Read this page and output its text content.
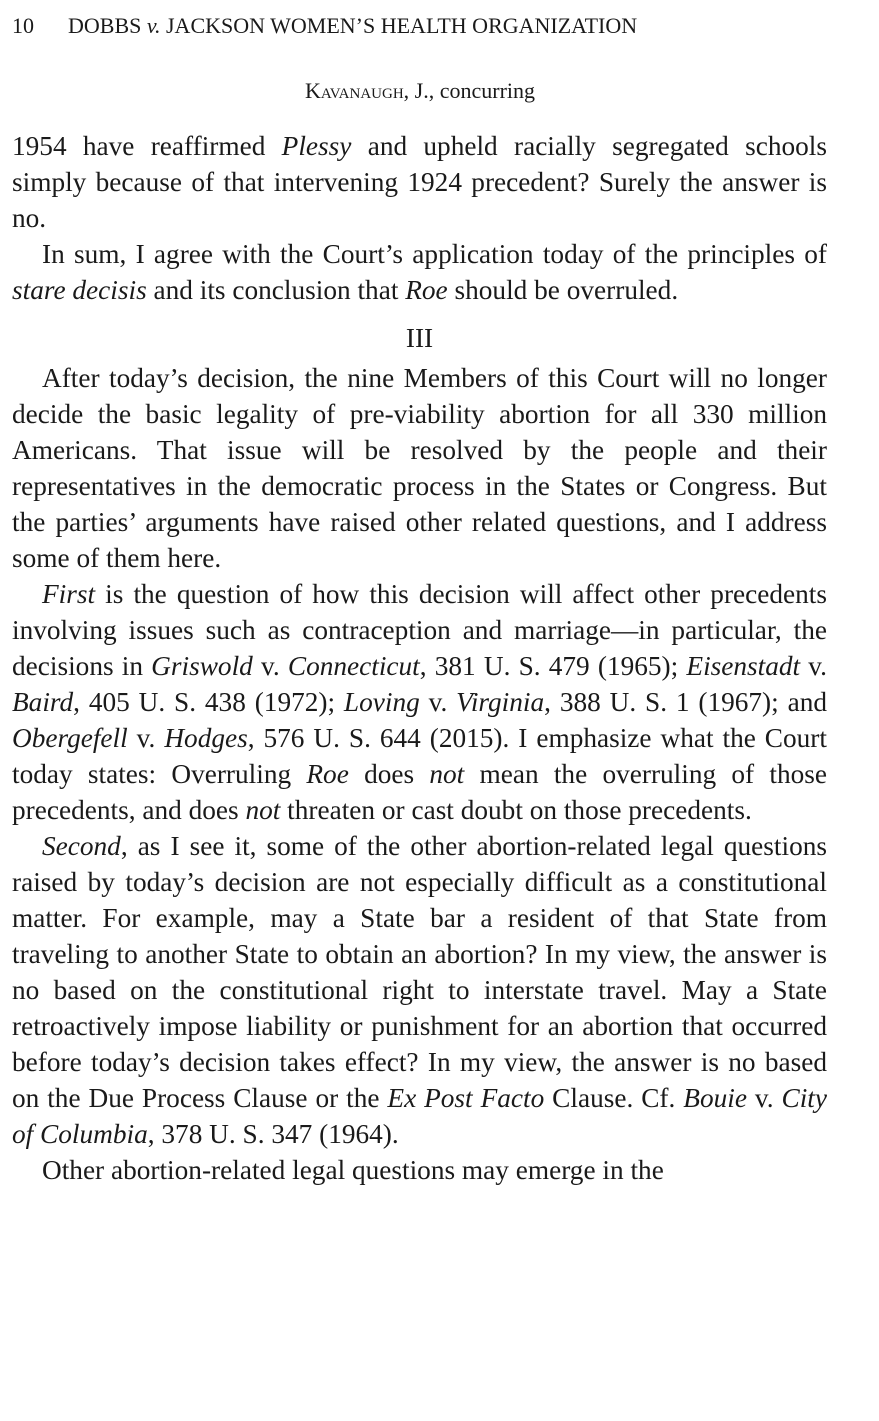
10 DOBBS v. JACKSON WOMEN’S HEALTH ORGANIZATION
Kavanaugh, J., concurring

1954 have reaffirmed Plessy and upheld racially segregated schools simply because of that intervening 1924 precedent? Surely the answer is no.

In sum, I agree with the Court’s application today of the principles of stare decisis and its conclusion that Roe should be overruled.

III

After today’s decision, the nine Members of this Court will no longer decide the basic legality of pre-viability abortion for all 330 million Americans. That issue will be resolved by the people and their representatives in the democratic process in the States or Congress. But the parties’ arguments have raised other related questions, and I address some of them here.

First is the question of how this decision will affect other precedents involving issues such as contraception and marriage—in particular, the decisions in Griswold v. Connecticut, 381 U. S. 479 (1965); Eisenstadt v. Baird, 405 U. S. 438 (1972); Loving v. Virginia, 388 U. S. 1 (1967); and Obergefell v. Hodges, 576 U. S. 644 (2015). I emphasize what the Court today states: Overruling Roe does not mean the overruling of those precedents, and does not threaten or cast doubt on those precedents.

Second, as I see it, some of the other abortion-related legal questions raised by today’s decision are not especially difficult as a constitutional matter. For example, may a State bar a resident of that State from traveling to another State to obtain an abortion? In my view, the answer is no based on the constitutional right to interstate travel. May a State retroactively impose liability or punishment for an abortion that occurred before today’s decision takes effect? In my view, the answer is no based on the Due Process Clause or the Ex Post Facto Clause. Cf. Bouie v. City of Columbia, 378 U. S. 347 (1964).

Other abortion-related legal questions may emerge in the
